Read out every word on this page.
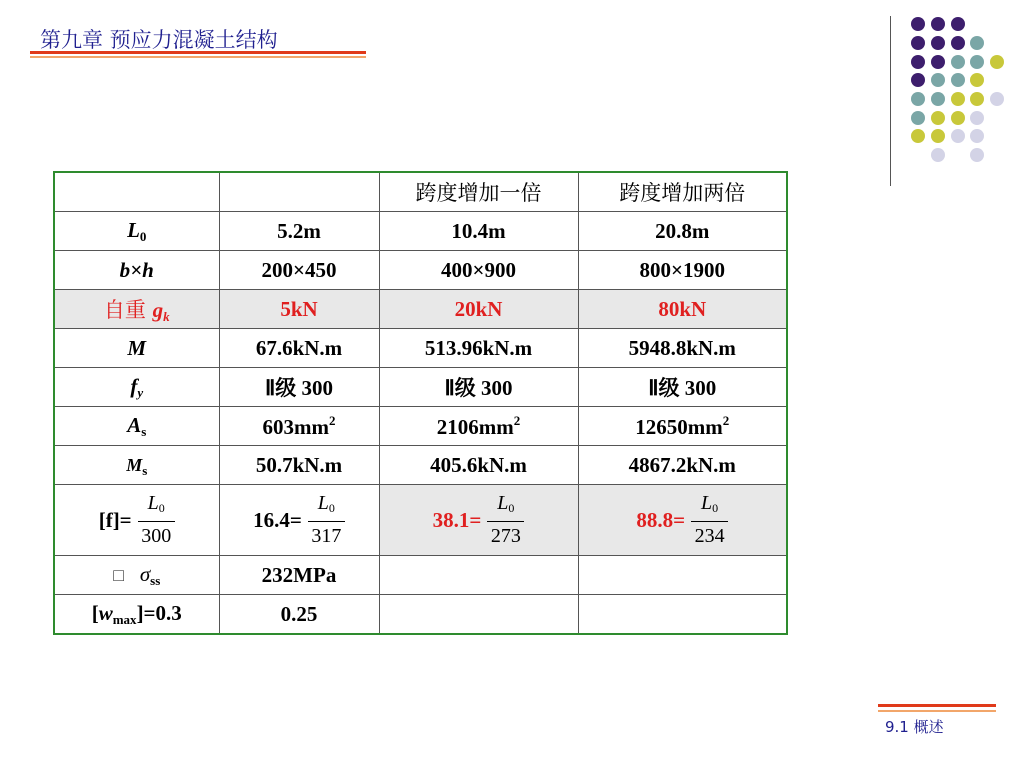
第九章 预应力混凝土结构
		跨度增加一倍	跨度增加两倍
$L_0$	5.2m	10.4m	20.8m
b×h	200×450	400×900	800×1900
自重 $g_k$	5kN	20kN	80kN
M	67.6kN.m	513.96kN.m	5948.8kN.m
$f_y$	Ⅱ级 300	Ⅱ级 300	Ⅱ级 300
$A_s$	$603mm^2$	$2106mm^2$	$12650mm^2$
$M_s$	50.7kN.m	405.6kN.m	4867.2kN.m

$[f]= \frac{L_0}{300}$	$16.4= \frac{L_0}{317}$	$38.1= \frac{L_0}{273}$	$88.8= \frac{L_0}{234}$

□ $\sigma_{ss}$	232MPa		
$[w_{max}]=0.3$	0.25		
9.1 概述
